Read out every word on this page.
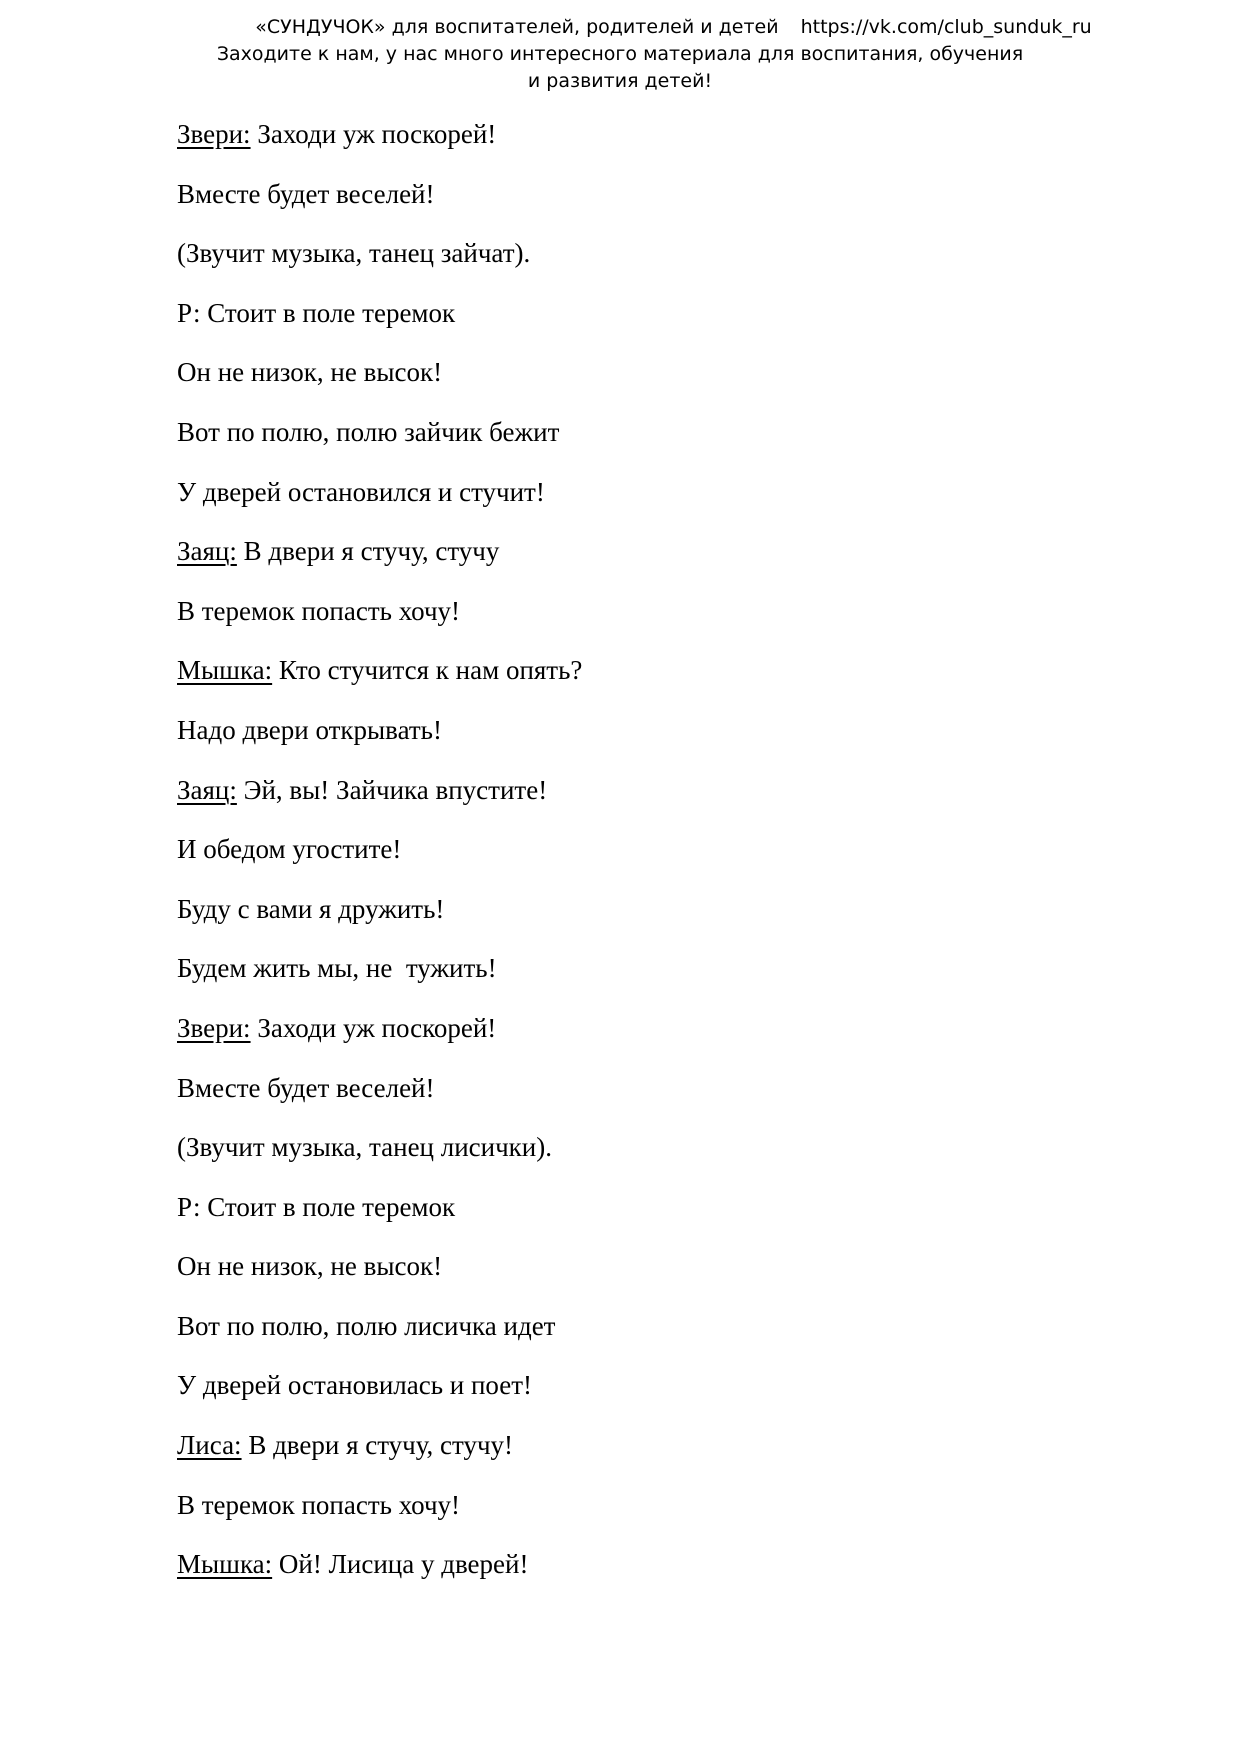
«СУНДУЧОК» для воспитателей, родителей и детей https://vk.com/club_sunduk_ru
Заходите к нам, у нас много интересного материала для воспитания, обучения
и развития детей!
Звери: Заходи уж поскорей!
Вместе будет веселей!
(Звучит музыка, танец зайчат).
Р: Стоит в поле теремок
Он не низок, не высок!
Вот по полю, полю зайчик бежит
У дверей остановился и стучит!
Заяц: В двери я стучу, стучу
В теремок попасть хочу!
Мышка: Кто стучится к нам опять?
Надо двери открывать!
Заяц: Эй, вы! Зайчика впустите!
И обедом угостите!
Буду с вами я дружить!
Будем жить мы, не  тужить!
Звери: Заходи уж поскорей!
Вместе будет веселей!
(Звучит музыка, танец лисички).
Р: Стоит в поле теремок
Он не низок, не высок!
Вот по полю, полю лисичка идет
У дверей остановилась и поет!
Лиса: В двери я стучу, стучу!
В теремок попасть хочу!
Мышка: Ой! Лисица у дверей!
